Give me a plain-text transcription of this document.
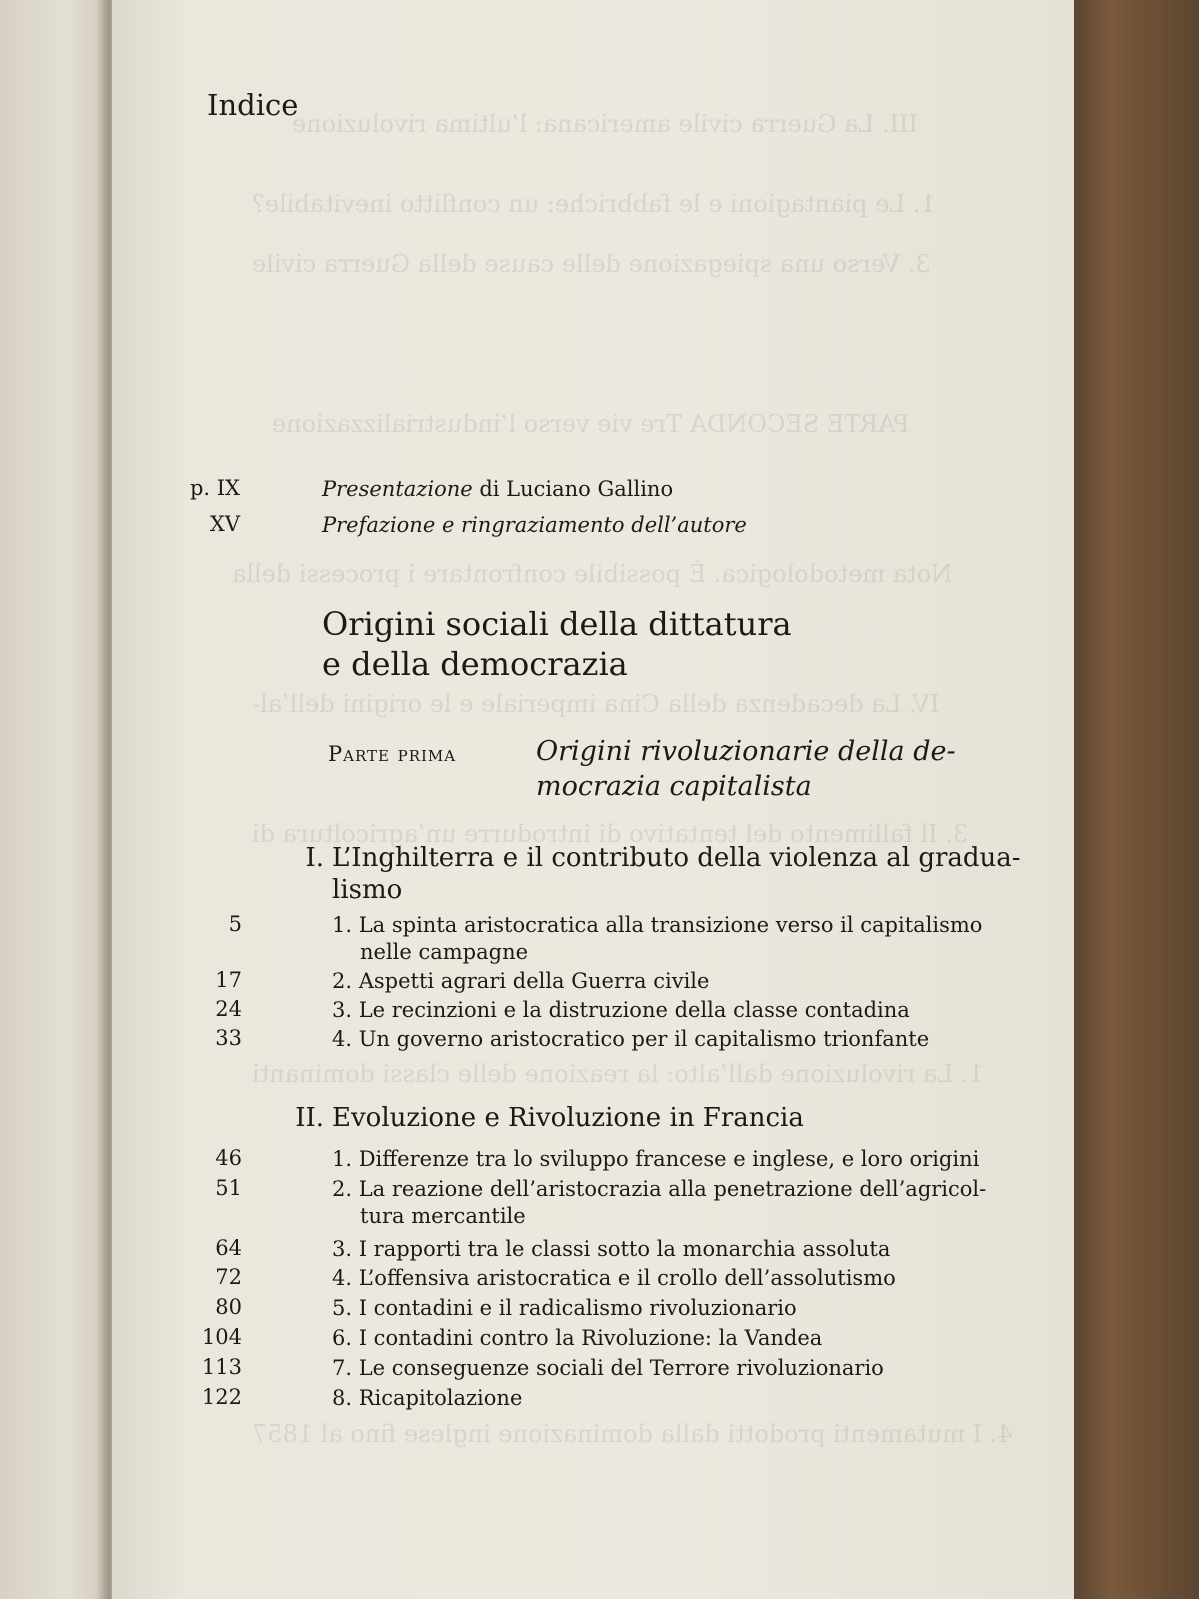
III. La Guerra civile americana: l’ultima rivoluzione
1. Le piantagioni e le fabbriche: un conflitto inevitabile?
3. Verso una spiegazione delle cause della Guerra civile
PARTE SECONDA Tre vie verso l’industrializzazione
Nota metodologica. È possibile confrontare i processi della
IV. La decadenza della Cina imperiale e le origini dell’al-
3. Il fallimento del tentativo di introdurre un’agricoltura di
1. La rivoluzione dall’alto: la reazione delle classi dominanti
4. I mutamenti prodotti dalla dominazione inglese fino al 1857
Indice
p. IX	Presentazione di Luciano Gallino
XV	Prefazione e ringraziamento dell’autore
Origini sociali della dittatura
e della democrazia
Parte prima	Origini rivoluzionarie della de-
mocrazia capitalista
I. L’Inghilterra e il contributo della violenza al gradua-
lismo
5	1. La spinta aristocratica alla transizione verso il capitalismo
nelle campagne
17	2. Aspetti agrari della Guerra civile
24	3. Le recinzioni e la distruzione della classe contadina
33	4. Un governo aristocratico per il capitalismo trionfante
II. Evoluzione e Rivoluzione in Francia
46	1. Differenze tra lo sviluppo francese e inglese, e loro origini
51	2. La reazione dell’aristocrazia alla penetrazione dell’agricol-
tura mercantile
64	3. I rapporti tra le classi sotto la monarchia assoluta
72	4. L’offensiva aristocratica e il crollo dell’assolutismo
80	5. I contadini e il radicalismo rivoluzionario
104	6. I contadini contro la Rivoluzione: la Vandea
113	7. Le conseguenze sociali del Terrore rivoluzionario
122	8. Ricapitolazione
